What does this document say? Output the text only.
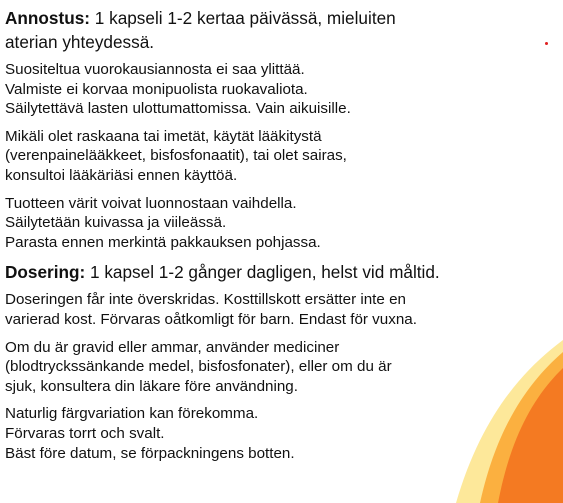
Annostus: 1 kapseli 1-2 kertaa päivässä, mieluiten
aterian yhteydessä.
Suositeltua vuorokausiannosta ei saa ylittää.
Valmiste ei korvaa monipuolista ruokavaliota.
Säilytettävä lasten ulottumattomissa. Vain aikuisille.
Mikäli olet raskaana tai imetät, käytät lääkitystä
(verenpainelääkkeet, bisfosfonaatit), tai olet sairas,
konsultoi lääkäriäsi ennen käyttöä.
Tuotteen värit voivat luonnostaan vaihdella.
Säilytetään kuivassa ja viileässä.
Parasta ennen merkintä pakkauksen pohjassa.
Dosering: 1 kapsel 1-2 gånger dagligen, helst vid måltid.
Doseringen får inte överskridas. Kosttillskott ersätter inte en
varierad kost. Förvaras oåtkomligt för barn. Endast för vuxna.
Om du är gravid eller ammar, använder mediciner
(blodtryckssänkande medel, bisfosfonater), eller om du är
sjuk, konsultera din läkare före användning.
Naturlig färgvariation kan förekomma.
Förvaras torrt och svalt.
Bäst före datum, se förpackningens botten.
